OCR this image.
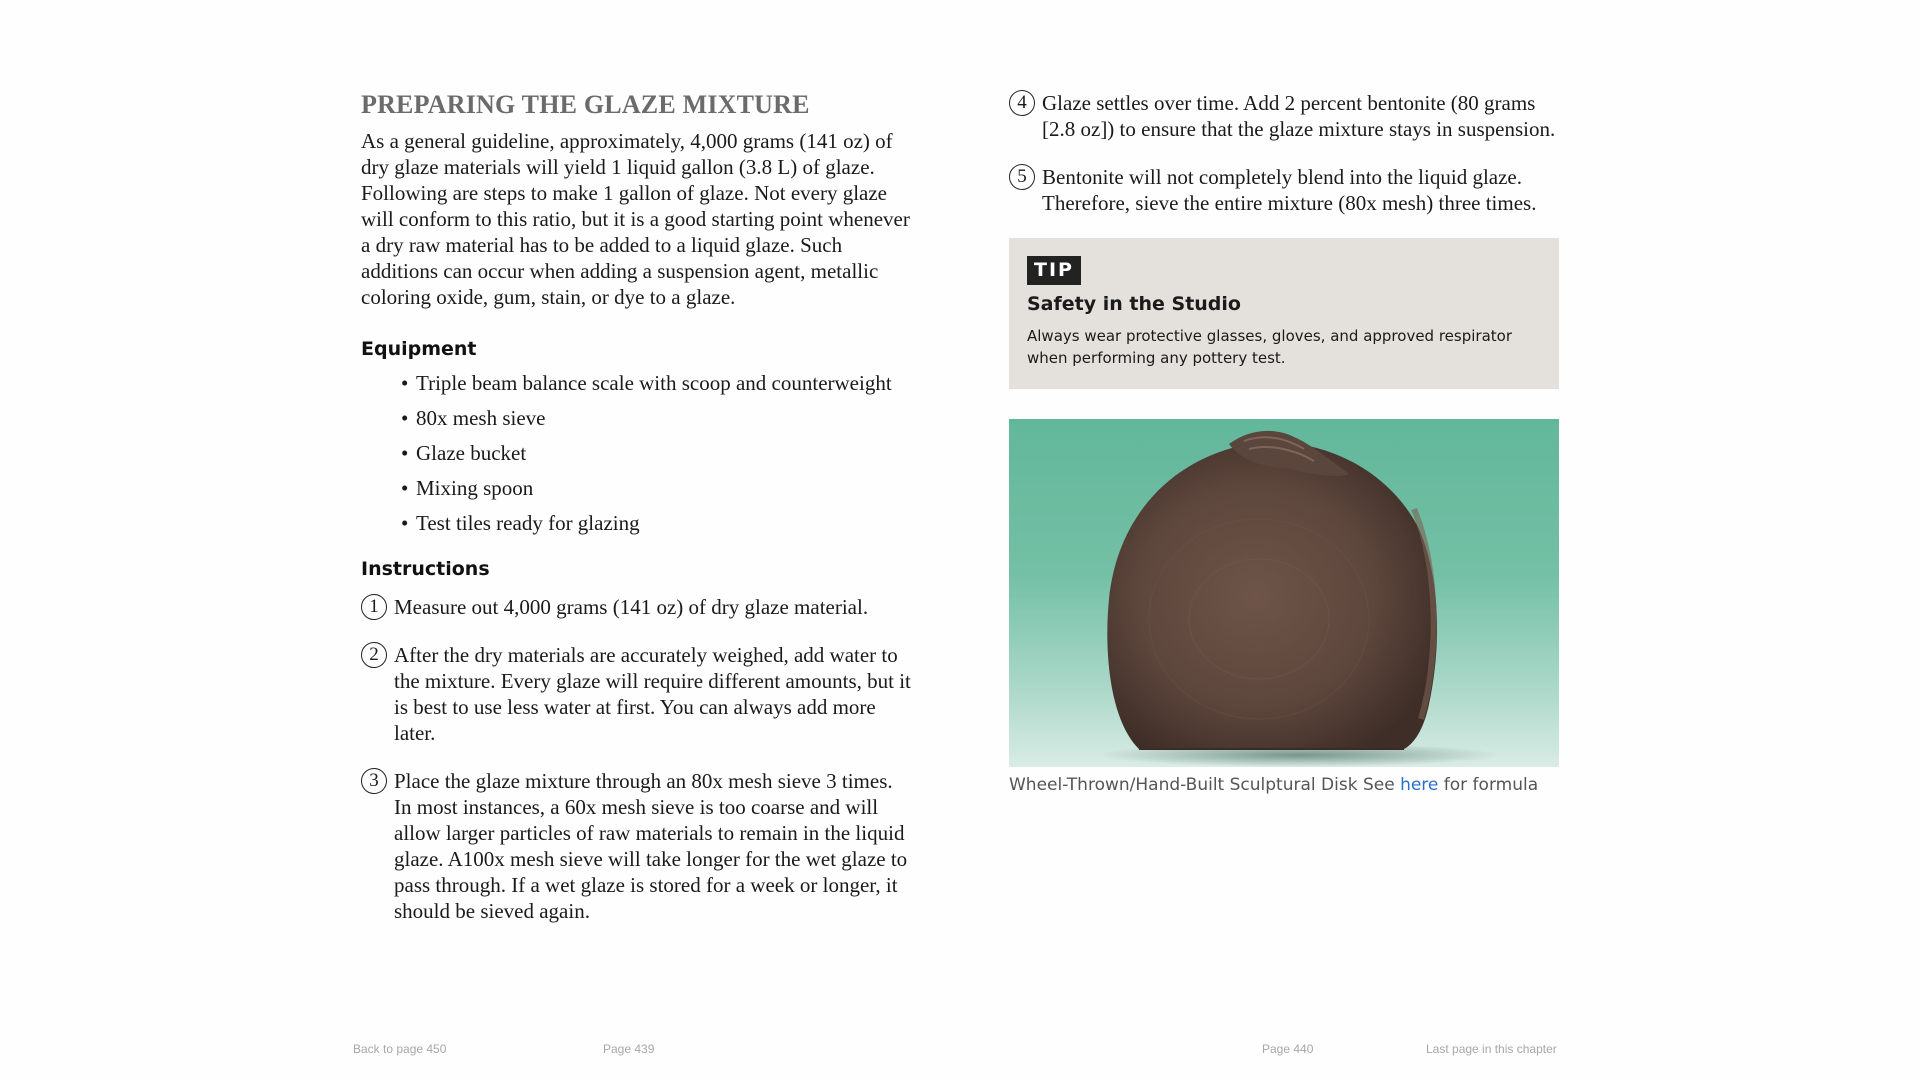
PREPARING THE GLAZE MIXTURE

As a general guideline, approximately, 4,000 grams (141 oz) of dry glaze materials will yield 1 liquid gallon (3.8 L) of glaze. Following are steps to make 1 gallon of glaze. Not every glaze will conform to this ratio, but it is a good starting point whenever a dry raw material has to be added to a liquid glaze. Such additions can occur when adding a suspension agent, metallic coloring oxide, gum, stain, or dye to a glaze.

Equipment
• Triple beam balance scale with scoop and counterweight
• 80x mesh sieve
• Glaze bucket
• Mixing spoon
• Test tiles ready for glazing
Instructions
1 Measure out 4,000 grams (141 oz) of dry glaze material.
2 After the dry materials are accurately weighed, add water to the mixture. Every glaze will require different amounts, but it is best to use less water at first. You can always add more later.
3 Place the glaze mixture through an 80x mesh sieve 3 times. In most instances, a 60x mesh sieve is too coarse and will allow larger particles of raw materials to remain in the liquid glaze. A100x mesh sieve will take longer for the wet glaze to pass through. If a wet glaze is stored for a week or longer, it should be sieved again.
4 Glaze settles over time. Add 2 percent bentonite (80 grams [2.8 oz]) to ensure that the glaze mixture stays in suspension.
5 Bentonite will not completely blend into the liquid glaze. Therefore, sieve the entire mixture (80x mesh) three times.
TIP
Safety in the Studio
Always wear protective glasses, gloves, and approved respirator when performing any pottery test.
Wheel-Thrown/Hand-Built Sculptural Disk See here for formula
Back to page 450	Page 439	Page 440	Last page in this chapter
